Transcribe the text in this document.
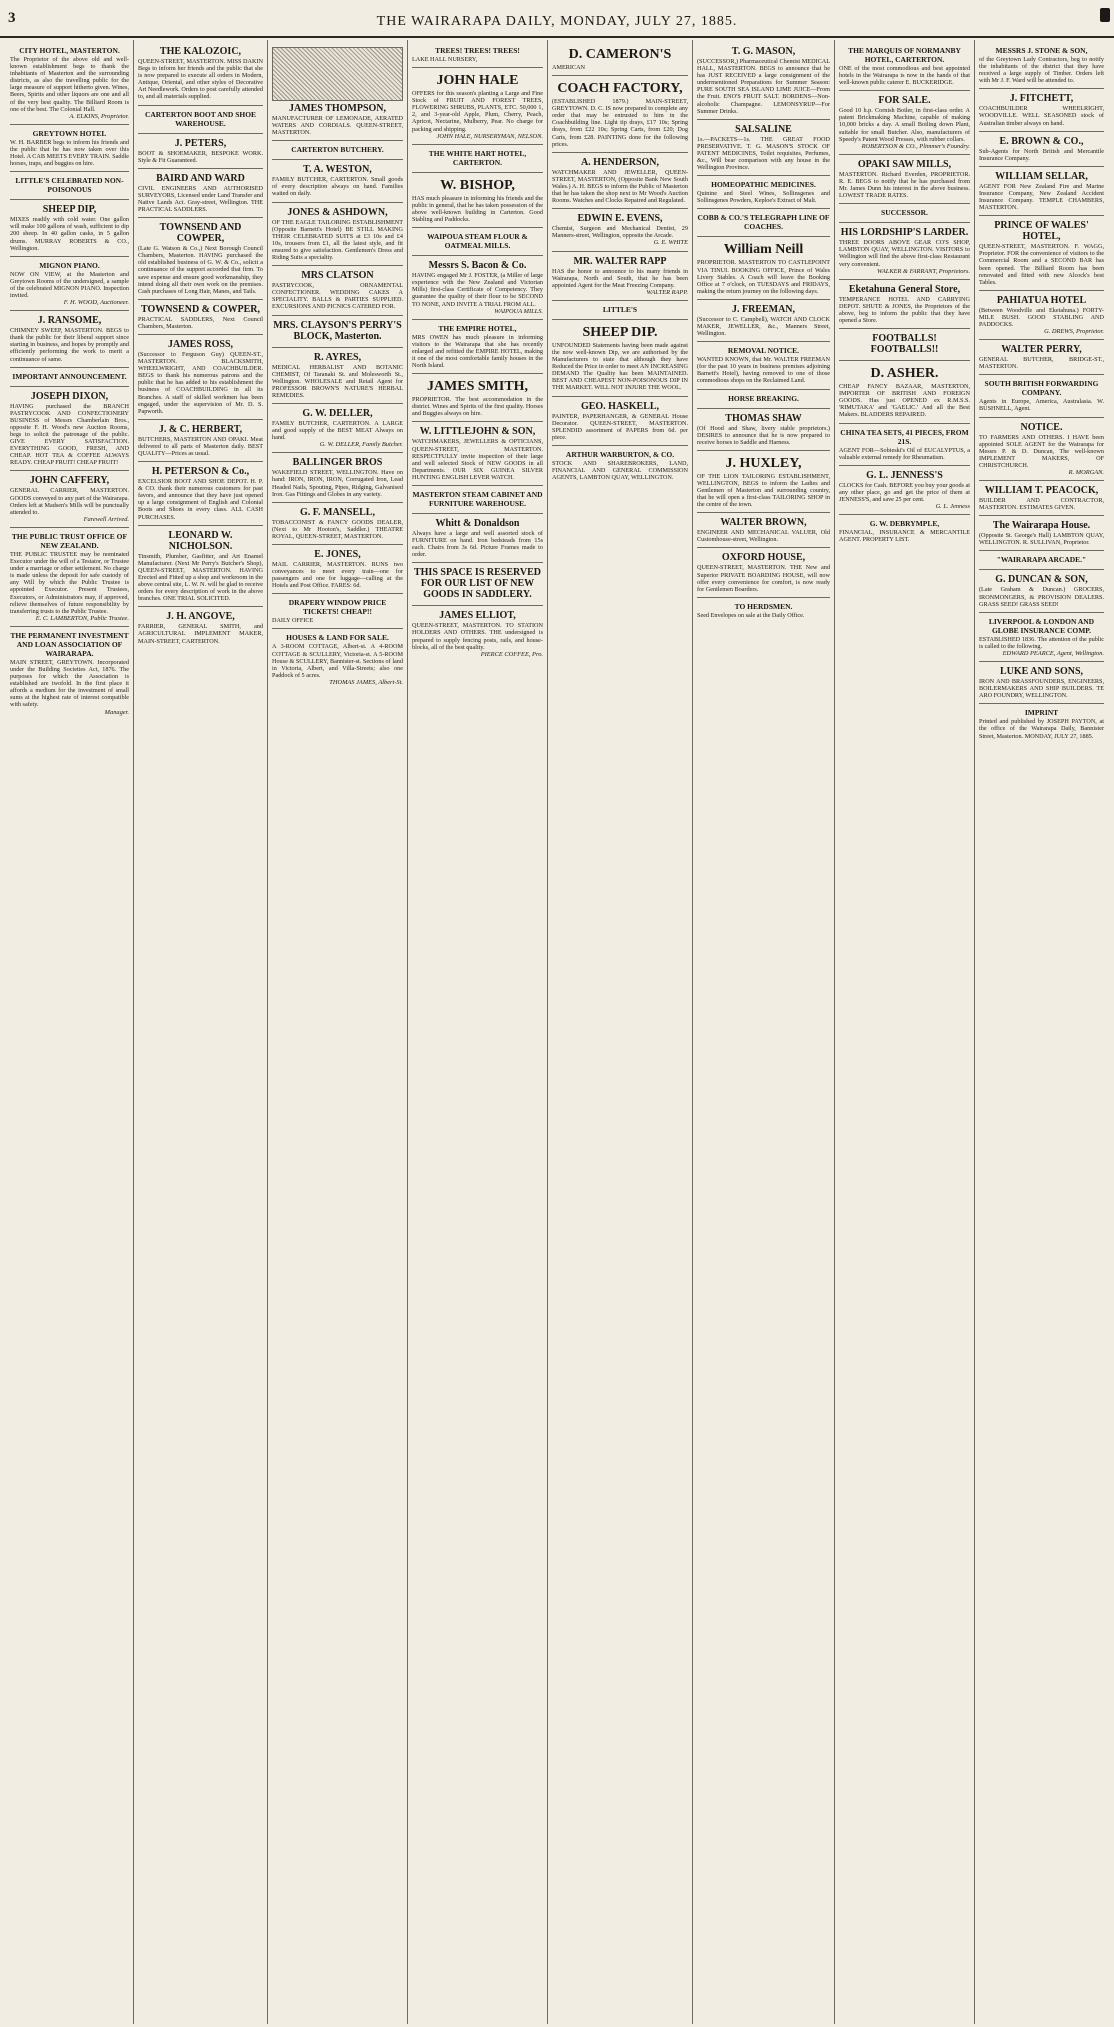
3	THE WAIRARAPA DAILY, MONDAY, JULY 27, 1885.
CITY HOTEL, MASTERTON.
The Proprietor of the above old and well-known establishment begs to thank the inhabitants of Masterton and the surrounding districts, as also the travelling public for the large measure of support hitherto given. Wines, Beers, Spirits and other liquors are one and all of the very best quality. The Billiard Room is one of the best. The Colonial Hall.
A. ELKINS, Proprietor.
GREYTOWN HOTEL
W. H. BARBER begs to inform his friends and the public that he has now taken over this Hotel. A CAB MEETS EVERY TRAIN. Saddle horses, traps, and buggies on hire.
LITTLE'S CELEBRATED NON-POISONOUS
SHEEP DIP,
MIXES readily with cold water. One gallon will make 100 gallons of wash, sufficient to dip 200 sheep. In 40 gallon casks, in 5 gallon drums. MURRAY ROBERTS & CO., Wellington.
MIGNON PIANO.
NOW ON VIEW, at the Masterton and Greytown Rooms of the undersigned, a sample of the celebrated MIGNON PIANO. Inspection invited.
F. H. WOOD, Auctioneer.
J. RANSOME,
CHIMNEY SWEEP, MASTERTON. BEGS to thank the public for their liberal support since starting in business, and hopes by promptly and efficiently performing the work to merit a continuance of same.
IMPORTANT ANNOUNCEMENT.
JOSEPH DIXON,
HAVING purchased the BRANCH PASTRYCOOK AND CONFECTIONERY BUSINESS of Messrs Chamberlain Bros., opposite F. H. Wood's new Auction Rooms, begs to solicit the patronage of the public. GIVE EVERY SATISFACTION. EVERYTHING GOOD, FRESH, AND CHEAP. HOT TEA & COFFEE ALWAYS READY. CHEAP FRUIT! CHEAP FRUIT!
JOHN CAFFERY,
GENERAL CARRIER, MASTERTON. GOODS conveyed to any part of the Wairarapa. Orders left at Madsen's Mills will be punctually attended to.
Farewell Arrived.
THE PUBLIC TRUST OFFICE OF NEW ZEALAND.
THE PUBLIC TRUSTEE may be nominated Executor under the will of a Testator, or Trustee under a marriage or other settlement. No charge is made unless the deposit for safe custody of any Will by which the Public Trustee is appointed Executor. Present Trustees, Executors, or Administrators may, if approved, relieve themselves of future responsibility by transferring trusts to the Public Trustee.
E. C. LAMBERTON, Public Trustee.
THE PERMANENT INVESTMENT AND LOAN ASSOCIATION OF WAIRARAPA.
MAIN STREET, GREYTOWN. Incorporated under the Building Societies Act, 1876. The purposes for which the Association is established are twofold. In the first place it affords a medium for the investment of small sums at the highest rate of interest compatible with safety.
Manager.
THE KALOZOIC,
QUEEN-STREET, MASTERTON. MISS DAKIN Begs to inform her friends and the public that she is now prepared to execute all orders in Modern, Antique, Oriental, and other styles of Decorative Art Needlework. Orders to post carefully attended to, and all materials supplied.
CARTERTON BOOT AND SHOE WAREHOUSE.
J. PETERS,
BOOT & SHOEMAKER, BESPOKE WORK. Style & Fit Guaranteed.
BAIRD AND WARD
CIVIL ENGINEERS AND AUTHORISED SURVEYORS, Licensed under Land Transfer and Native Lands Act. Gray-street, Wellington. THE PRACTICAL SADDLERS.
TOWNSEND AND COWPER,
(Late G. Watson & Co.,) Next Borough Council Chambers, Masterton. HAVING purchased the old established business of G. W. & Co., solicit a continuance of the support accorded that firm. To save expense and ensure good workmanship, they intend doing all their own work on the premises. Cash purchases of Long Hair, Manes, and Tails.
TOWNSEND & COWPER,
PRACTICAL SADDLERS, Next Council Chambers, Masterton.
JAMES ROSS,
(Successor to Ferguson Guy) QUEEN-ST., MASTERTON. BLACKSMITH, WHEELWRIGHT, AND COACHBUILDER. BEGS to thank his numerous patrons and the public that he has added to his establishment the business of COACHBUILDING in all its Branches. A staff of skilled workmen has been engaged, under the supervision of Mr. D. S. Papworth.
J. & C. HERBERT,
BUTCHERS, MASTERTON AND OPAKI. Meat delivered to all parts of Masterton daily. BEST QUALITY—Prices as usual.
H. PETERSON & Co.,
EXCELSIOR BOOT AND SHOE DEPOT. H. P. & CO. thank their numerous customers for past favors, and announce that they have just opened up a large consignment of English and Colonial Boots and Shoes in every class. ALL CASH PURCHASES.
LEONARD W. NICHOLSON.
Tinsmith, Plumber, Gasfitter, and Art Enamel Manufacturer. (Next Mr Perry's Butcher's Shop), QUEEN-STREET, MASTERTON. HAVING Erected and Fitted up a shop and workroom in the above central site, L. W. N. will be glad to receive orders for every description of work in the above branches. ONE TRIAL SOLICITED.
J. H. ANGOVE,
FARRIER, GENERAL SMITH, and AGRICULTURAL IMPLEMENT MAKER, MAIN-STREET, CARTERTON.
JAMES THOMPSON,
MANUFACTURER OF LEMONADE, AERATED WATERS AND CORDIALS. QUEEN-STREET, MASTERTON.
CARTERTON BUTCHERY.
T. A. WESTON,
FAMILY BUTCHER, CARTERTON. Small goods of every description always on hand. Families waited on daily.
JONES & ASHDOWN,
OF THE EAGLE TAILORING ESTABLISHMENT (Opposite Barnett's Hotel) BE STILL MAKING THEIR CELEBRATED SUITS at £3 10s and £4 10s, trousers from £1, all the latest style, and fit ensured to give satisfaction. Gentlemen's Dress and Riding Suits a speciality.
MRS CLATSON
PASTRYCOOK, ORNAMENTAL CONFECTIONER. WEDDING CAKES A SPECIALITY. BALLS & PARTIES SUPPLIED. EXCURSIONS AND PICNICS CATERED FOR.
MRS. CLAYSON'S PERRY'S BLOCK, Masterton.
R. AYRES,
MEDICAL HERBALIST AND BOTANIC CHEMIST, Of Taranaki St. and Molesworth St., Wellington. WHOLESALE and Retail Agent for PROFESSOR BROWN'S NATURE'S HERBAL REMEDIES.
G. W. DELLER,
FAMILY BUTCHER, CARTERTON. A LARGE and good supply of the BEST MEAT Always on hand.
G. W. DELLER, Family Butcher.
BALLINGER BROS
WAKEFIELD STREET, WELLINGTON. Have on hand: IRON, IRON, IRON, Corrugated Iron, Lead Headed Nails, Spouting, Pipes, Ridging, Galvanised Iron. Gas Fittings and Globes in any variety.
G. F. MANSELL,
TOBACCONIST & FANCY GOODS DEALER, (Next to Mr Hooton's, Saddler.) THEATRE ROYAL, QUEEN-STREET, MASTERTON.
E. JONES,
MAIL CARRIER, MASTERTON. RUNS two conveyances to meet every train—one for passengers and one for luggage—calling at the Hotels and Post Office. FARES: 6d.
DRAPERY WINDOW PRICE TICKETS! CHEAP!!
DAILY OFFICE
HOUSES & LAND FOR SALE.
A 3-ROOM COTTAGE, Albert-st. A 4-ROOM COTTAGE & SCULLERY, Victoria-st. A 5-ROOM House & SCULLERY, Bannister-st. Sections of land in Victoria, Albert, and Villa-Streets; also one Paddock of 5 acres.
THOMAS JAMES, Albert-St.
TREES! TREES! TREES!
LAKE HALL NURSERY,
JOHN HALE
OFFERS for this season's planting a Large and Fine Stock of FRUIT AND FOREST TREES, FLOWERING SHRUBS, PLANTS, ETC. 50,000 1, 2, and 3-year-old Apple, Plum, Cherry, Peach, Apricot, Nectarine, Mulberry, Pear. No charge for packing and shipping.
JOHN HALE, NURSERYMAN, NELSON.
THE WHITE HART HOTEL, CARTERTON.
W. BISHOP,
HAS much pleasure in informing his friends and the public in general, that he has taken possession of the above well-known building in Carterton. Good Stabling and Paddocks.
WAIPOUA STEAM FLOUR & OATMEAL MILLS.
Messrs S. Bacon & Co.
HAVING engaged Mr J. FOSTER, (a Miller of large experience with the New Zealand and Victorian Mills) first-class Certificate of Competency. They guarantee the quality of their flour to be SECOND TO NONE, AND INVITE A TRIAL FROM ALL.
WAIPOUA MILLS.
THE EMPIRE HOTEL,
MRS OWEN has much pleasure in informing visitors to the Wairarapa that she has recently enlarged and refitted the EMPIRE HOTEL, making it one of the most comfortable family houses in the North Island.
JAMES SMITH,
PROPRIETOR. The best accommodation in the district. Wines and Spirits of the first quality. Horses and Buggies always on hire.
W. LITTLEJOHN & SON,
WATCHMAKERS, JEWELLERS & OPTICIANS, QUEEN-STREET, MASTERTON. RESPECTFULLY invite inspection of their large and well selected Stock of NEW GOODS in all Departments. OUR SIX GUINEA SILVER HUNTING ENGLISH LEVER WATCH.
MASTERTON STEAM CABINET AND FURNITURE WAREHOUSE.
Whitt & Donaldson
Always have a large and well assorted stock of FURNITURE on hand. Iron bedsteads from 15s each. Chairs from 3s 6d. Picture Frames made to order.
THIS SPACE IS RESERVED FOR OUR LIST OF NEW GOODS IN SADDLERY.
JAMES ELLIOT,
QUEEN-STREET, MASTERTON. TO STATION HOLDERS AND OTHERS. THE undersigned is prepared to supply fencing posts, rails, and house-blocks, all of the best quality.
PIERCE COFFEE, Pro.
D. CAMERON'S
AMERICAN
COACH FACTORY,
(ESTABLISHED 1879.) MAIN-STREET, GREYTOWN. D. C. IS now prepared to complete any order that may be entrusted to him in the Coachbuilding line. Light tip drays, £17 10s; Spring drays, from £22 10s; Spring Carts, from £20; Dog Carts, from £28. PAINTING done for the following prices.
A. HENDERSON,
WATCHMAKER AND JEWELLER, QUEEN-STREET, MASTERTON, (Opposite Bank New South Wales.) A. H. BEGS to inform the Public of Masterton that he has taken the shop next to Mr Wood's Auction Rooms. Watches and Clocks Repaired and Regulated.
EDWIN E. EVENS,
Chemist, Surgeon and Mechanical Dentist, 29 Manners-street, Wellington, opposite the Arcade.
G. E. WHITE
MR. WALTER RAPP
HAS the honor to announce to his many friends in Wairarapa, North and South, that he has been appointed Agent for the Meat Freezing Company.
WALTER RAPP.
LITTLE'S
SHEEP DIP.
UNFOUNDED Statements having been made against the now well-known Dip, we are authorised by the Manufacturers to state that although they have Reduced the Price in order to meet AN INCREASING DEMAND The Quality has been MAINTAINED. BEST AND CHEAPEST NON-POISONOUS DIP IN THE MARKET. WILL NOT INJURE THE WOOL.
GEO. HASKELL,
PAINTER, PAPERHANGER, & GENERAL House Decorator. QUEEN-STREET, MASTERTON. SPLENDID assortment of PAPERS from 6d. per piece.
ARTHUR WARBURTON, & CO.
STOCK AND SHAREBROKERS, LAND, FINANCIAL AND GENERAL COMMISSION AGENTS, LAMBTON QUAY, WELLINGTON.
T. G. MASON,
(SUCCESSOR,) Pharmaceutical Chemist MEDICAL HALL, MASTERTON. BEGS to announce that he has JUST RECEIVED a large consignment of the undermentioned Preparations for Summer Season: PURE SOUTH SEA ISLAND LIME JUICE—From the Fruit. ENO'S FRUIT SALT. BORDENS—Non-alcoholic Champagne. LEMONSYRUP—For Summer Drinks.
SALSALINE
1s.—PACKETS—1s. THE GREAT FOOD PRESERVATIVE. T. G. MASON'S STOCK OF PATENT MEDICINES, Toilet requisites, Perfumes, &c., Will bear comparison with any house in the Wellington Province.
HOMEOPATHIC MEDICINES.
Quinine and Steel Wines, Sollinsgenes and Sollinsgenes Powders, Keploe's Extract of Malt.
COBB & CO.'S TELEGRAPH LINE OF COACHES.
William Neill
PROPRIETOR. MASTERTON TO CASTLEPOINT VIA TINUI. BOOKING OFFICE, Prince of Wales Livery Stables. A Coach will leave the Booking Office at 7 o'clock, on TUESDAYS and FRIDAYS, making the return journey on the following days.
J. FREEMAN,
(Successor to C. Campbell), WATCH AND CLOCK MAKER, JEWELLER, &c., Manners Street, Wellington.
REMOVAL NOTICE.
WANTED KNOWN, that Mr. WALTER FREEMAN (for the past 10 years in business premises adjoining Barnett's Hotel), having removed to one of those commodious shops on the Reclaimed Land.
HORSE BREAKING.
THOMAS SHAW
(Of Hood and Shaw, livery stable proprietors.) DESIRES to announce that he is now prepared to receive horses to Saddle and Harness.
J. HUXLEY,
OF THE LION TAILORING ESTABLISHMENT, WELLINGTON, BEGS to inform the Ladies and Gentlemen of Masterton and surrounding country, that he will open a first-class TAILORING SHOP in the centre of the town.
WALTER BROWN,
ENGINEER AND MECHANICAL VALUER, Old Customhouse-street, Wellington.
OXFORD HOUSE,
QUEEN-STREET, MASTERTON. THE New and Superior PRIVATE BOARDING HOUSE, will now offer every convenience for comfort, is now ready for Gentlemen Boarders.
TO HERDSMEN.
Seed Envelopes on sale at the Daily Office.
THE MARQUIS OF NORMANBY HOTEL, CARTERTON.
ONE of the most commodious and best appointed hotels in the Wairarapa is now in the hands of that well-known public caterer E. BUCKERIDGE.
FOR SALE.
Good 10 h.p. Cornish Boiler, in first-class order. A patent Brickmaking Machine, capable of making 10,000 bricks a day. A small Boiling down Plant, suitable for small Butcher. Also, manufacturers of Speedy's Patent Wood Presses, with rubber collars.
ROBERTSON & CO., Plimmer's Foundry.
OPAKI SAW MILLS,
MASTERTON. Richard Everden, PROPRIETOR. R. E. BEGS to notify that he has purchased from Mr. James Dunn his interest in the above business. LOWEST TRADE RATES.
SUCCESSOR.
HIS LORDSHIP'S LARDER.
THREE DOORS ABOVE GEAR CO'S SHOP, LAMBTON QUAY, WELLINGTON. VISITORS to Wellington will find the above first-class Restaurant very convenient.
WALKER & FARRANT, Proprietors.
Eketahuna General Store,
TEMPERANCE HOTEL AND CARRYING DEPOT. SHUTE & JONES, the Proprietors of the above, beg to inform the public that they have opened a Store.
FOOTBALLS! FOOTBALLS!!
D. ASHER.
CHEAP FANCY BAZAAR, MASTERTON, IMPORTER OF BRITISH AND FOREIGN GOODS. Has just OPENED ex R.M.S.S. 'RIMUTAKA' and 'GAELIC.' And all the Best Makers. BLADDERS REPAIRED.
CHINA TEA SETS, 41 PIECES, FROM 21S.
AGENT FOR—Sobieski's Oil of EUCALYPTUS, a valuable external remedy for Rheumatism.
G. L. JENNESS'S
CLOCKS for Cash. BEFORE you buy your goods at any other place, go and get the price of them at JENNESS'S, and save 25 per cent.
G. L. Jenness
G. W. DEBRYMPLE,
FINANCIAL, INSURANCE & MERCANTILE AGENT. PROPERTY LIST.
MESSRS J. STONE & SON,
of the Greytown Lady Contractors, beg to notify the inhabitants of the district that they have received a large supply of Timber. Orders left with Mr J. F. Ward will be attended to.
J. FITCHETT,
COACHBUILDER WHEELRIGHT, WOODVILLE. WELL SEASONED stock of Australian timber always on hand.
E. BROWN & CO.,
Sub-Agents for North British and Mercantile Insurance Company.
WILLIAM SELLAR,
AGENT FOR New Zealand Fire and Marine Insurance Company, New Zealand Accident Insurance Company. TEMPLE CHAMBERS, MASTERTON.
PRINCE OF WALES' HOTEL,
QUEEN-STREET, MASTERTON. F. WAGG, Proprietor. FOR the convenience of visitors to the Commercial Room and a SECOND BAR has been opened. The Billiard Room has been renovated and fitted with new Alcock's best Tables.
PAHIATUA HOTEL
(Between Woodville and Eketahuna.) FORTY-MILE BUSH. GOOD STABLING AND PADDOCKS.
G. DREWS, Proprietor.
WALTER PERRY,
GENERAL BUTCHER, BRIDGE-ST., MASTERTON.
SOUTH BRITISH FORWARDING COMPANY.
Agents in Europe, America, Australasia. W. BUSHNELL, Agent.
NOTICE.
TO FARMERS AND OTHERS. I HAVE been appointed SOLE AGENT for the Wairarapa for Messrs P. & D. Duncan, The well-known IMPLEMENT MAKERS, OF CHRISTCHURCH.
R. MORGAN.
WILLIAM T. PEACOCK,
BUILDER AND CONTRACTOR, MASTERTON. ESTIMATES GIVEN.
The Wairarapa House.
(Opposite St. George's Hall) LAMBTON QUAY, WELLINGTON. R. SULLIVAN, Proprietor.
"WAIRARAPA ARCADE."
G. DUNCAN & SON,
(Late Graham & Duncan.) GROCERS, IRONMONGERS, & PROVISION DEALERS. GRASS SEED! GRASS SEED!
LIVERPOOL & LONDON AND GLOBE INSURANCE COMP.
ESTABLISHED 1836. The attention of the public is called to the following.
EDWARD PEARCE, Agent, Wellington.
LUKE AND SONS,
IRON AND BRASSFOUNDERS, ENGINEERS, BOILERMAKERS AND SHIP BUILDERS. TE ARO FOUNDRY, WELLINGTON.
IMPRINT
Printed and published by JOSEPH PAYTON, at the office of the Wairarapa Daily, Bannister Street, Masterton. MONDAY, JULY 27, 1885.
